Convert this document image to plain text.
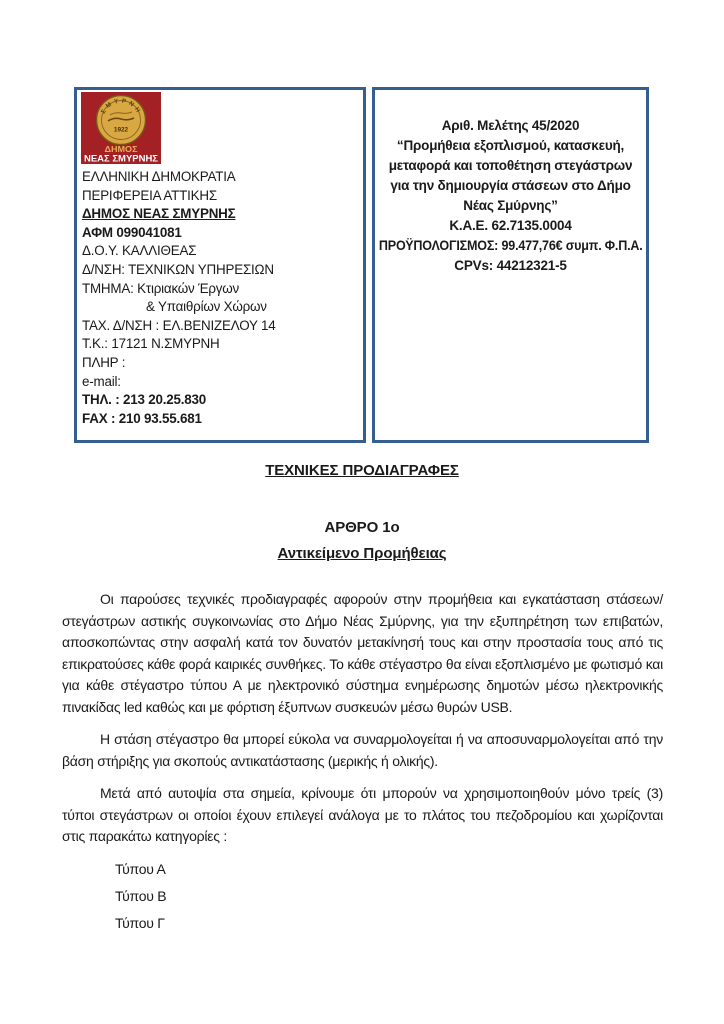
ΣΜΥΡΝΗ
1922
ΔΗΜΟΣ
ΝΕΑΣ ΣΜΥΡΝΗΣ
ΕΛΛΗΝΙΚΗ ΔΗΜΟΚΡΑΤΙΑ
ΠΕΡΙΦΕΡΕΙΑ ΑΤΤΙΚΗΣ
ΔΗΜΟΣ ΝΕΑΣ ΣΜΥΡΝΗΣ
ΑΦΜ 099041081
Δ.Ο.Υ. ΚΑΛΛΙΘΕΑΣ
Δ/ΝΣΗ: ΤΕΧΝΙΚΩΝ ΥΠΗΡΕΣΙΩΝ
ΤΜΗΜΑ: Κτιριακών Έργων
& Υπαιθρίων Χώρων
ΤΑΧ. Δ/ΝΣΗ : ΕΛ.ΒΕΝΙΖΕΛΟΥ 14
Τ.Κ.: 17121 Ν.ΣΜΥΡΝΗ
ΠΛΗΡ :
e-mail:
ΤΗΛ. : 213 20.25.830
FAX : 210 93.55.681
Αριθ. Μελέτης 45/2020
“Προμήθεια εξοπλισμού, κατασκευή,
μεταφορά και τοποθέτηση στεγάστρων
για την δημιουργία στάσεων στο Δήμο
Νέας Σμύρνης”
Κ.Α.Ε. 62.7135.0004
ΠΡΟΫΠΟΛΟΓΙΣΜΟΣ: 99.477,76€ συμπ. Φ.Π.Α.
CPVs: 44212321-5
ΤΕΧΝΙΚΕΣ ΠΡΟΔΙΑΓΡΑΦΕΣ
ΑΡΘΡΟ 1ο
Αντικείμενο Προμήθειας

Οι παρούσες τεχνικές προδιαγραφές αφορούν στην προμήθεια και εγκατάσταση στάσεων/στεγάστρων αστικής συγκοινωνίας στο Δήμο Νέας Σμύρνης, για την εξυπηρέτηση των επιβατών, αποσκοπώντας στην ασφαλή κατά τον δυνατόν μετακίνησή τους και στην προστασία τους από τις επικρατούσες κάθε φορά καιρικές συνθήκες. Το κάθε στέγαστρο θα είναι εξοπλισμένο με φωτισμό και για κάθε στέγαστρο τύπου Α με ηλεκτρονικό σύστημα ενημέρωσης δημοτών μέσω ηλεκτρονικής πινακίδας led καθώς και με φόρτιση έξυπνων συσκευών μέσω θυρών USB.

Η στάση στέγαστρο θα μπορεί εύκολα να συναρμολογείται ή να αποσυναρμολογείται από την βάση στήριξης για σκοπούς αντικατάστασης (μερικής ή ολικής).

Μετά από αυτοψία στα σημεία, κρίνουμε ότι μπορούν να χρησιμοποιηθούν μόνο τρείς (3) τύποι στεγάστρων οι οποίοι έχουν επιλεγεί ανάλογα με το πλάτος του πεζοδρομίου και χωρίζονται στις παρακάτω κατηγορίες :

Τύπου Α
Τύπου Β
Τύπου Γ
